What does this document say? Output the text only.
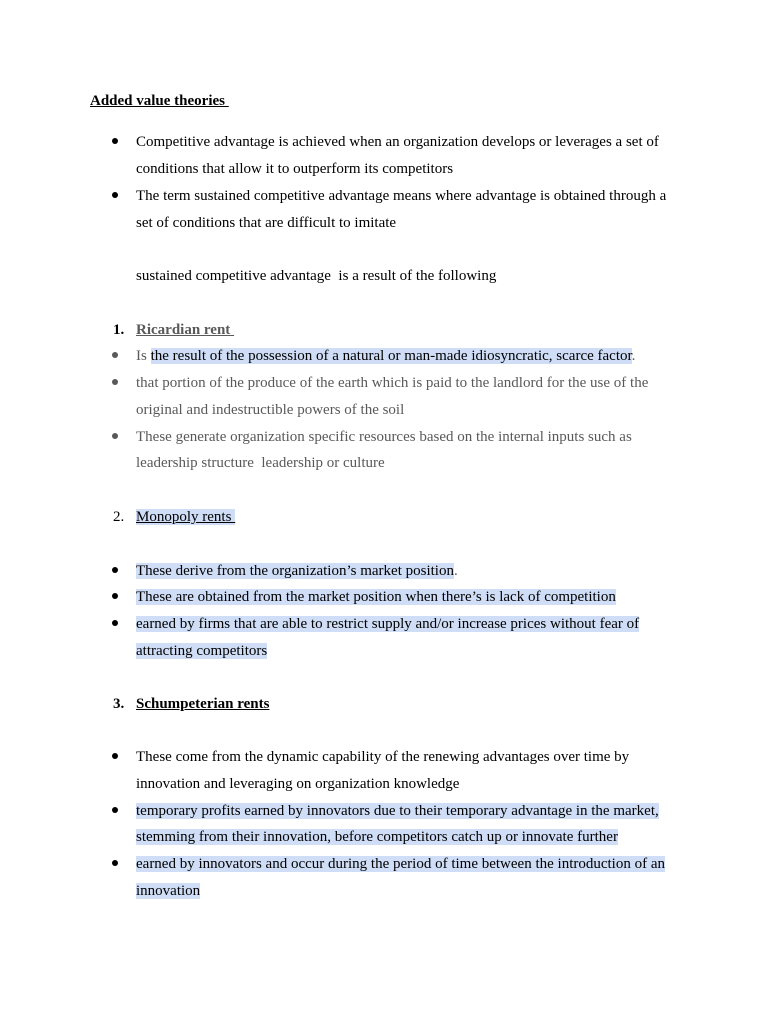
Added value theories
Competitive advantage is achieved when an organization develops or leverages a set of
conditions that allow it to outperform its competitors
The term sustained competitive advantage means where advantage is obtained through a
set of conditions that are difficult to imitate
sustained competitive advantage  is a result of the following
1. Ricardian rent
Is the result of the possession of a natural or man-made idiosyncratic, scarce factor.
that portion of the produce of the earth which is paid to the landlord for the use of the
original and indestructible powers of the soil
These generate organization specific resources based on the internal inputs such as
leadership structure  leadership or culture
2. Monopoly rents
These derive from the organization’s market position.
These are obtained from the market position when there’s is lack of competition
earned by firms that are able to restrict supply and/or increase prices without fear of
attracting competitors
3. Schumpeterian rents
These come from the dynamic capability of the renewing advantages over time by
innovation and leveraging on organization knowledge
temporary profits earned by innovators due to their temporary advantage in the market,
stemming from their innovation, before competitors catch up or innovate further
earned by innovators and occur during the period of time between the introduction of an
innovation
